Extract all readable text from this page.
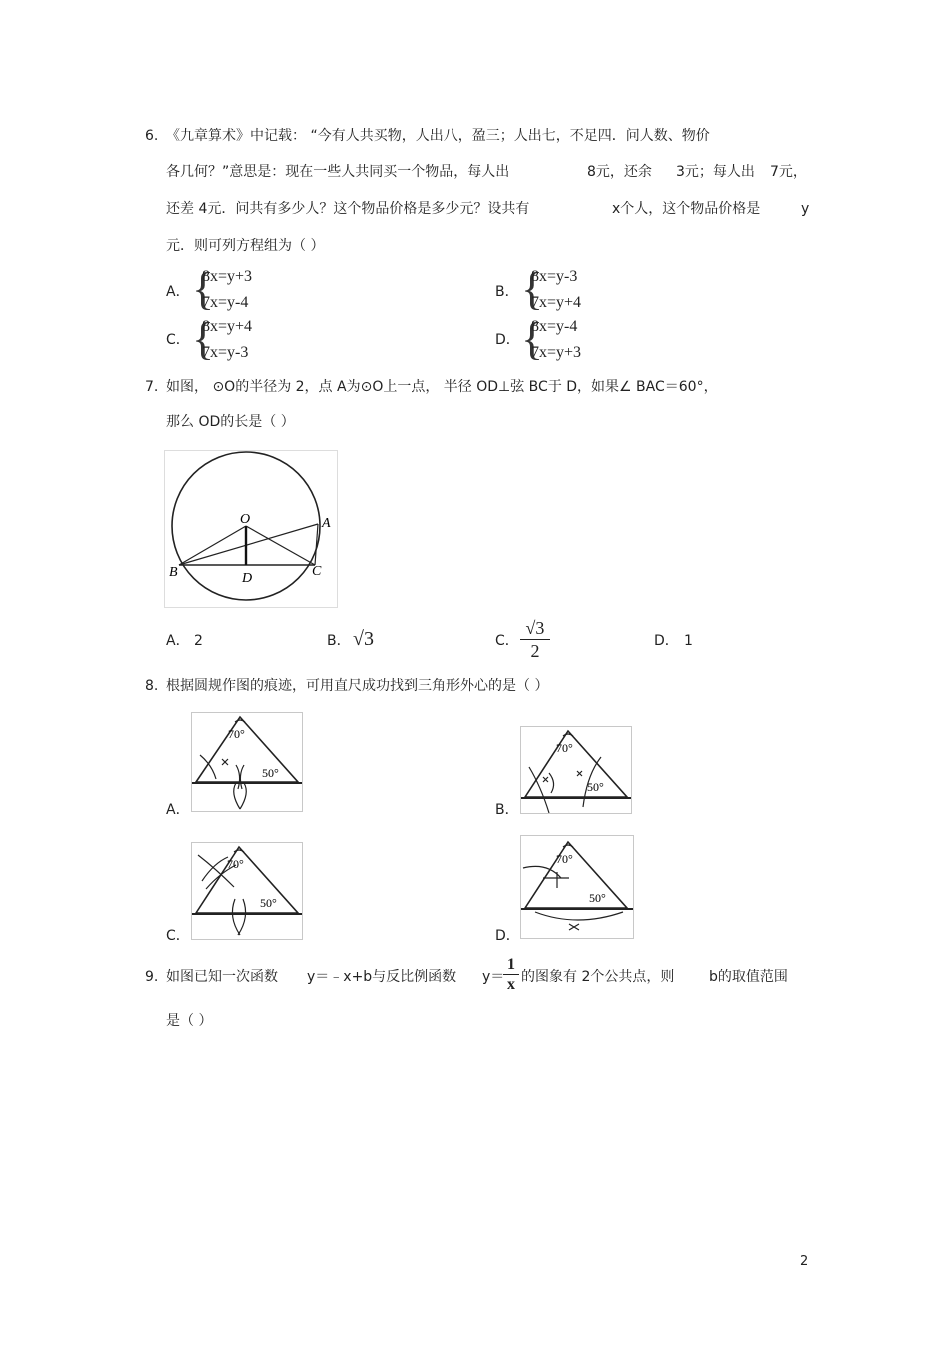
6. 《九章算术》中记载： “今有人共买物，人出八，盈三；人出七，不足四．问人数、物价
各几何？”意思是：现在一些人共同买一个物品，每人出	8元，还余 3元；每人出 7元，
还差 4元．问共有多少人？这个物品价格是多少元？设共有	x个人，这个物品价格是	y
元．则可列方程组为（ ）
A． {
8x=y+3
7x=y-4
B． {
8x=y-3
7x=y+4
C． {
8x=y+4
7x=y-3
D． {
8x=y-4
7x=y+3
7. 如图， ⊙O的半径为 2，点 A为⊙O上一点， 半径 OD⊥弦 BC于 D，如果∠ BAC＝60°，
那么 OD的长是（ ）
O	A
B	C
D
A． 2	B． √3	C．
√3
2	D． 1
8. 根据圆规作图的痕迹，可用直尺成功找到三角形外心的是（ ）
A．
70°
50°
B．
70°
50°
C．
70°
50°
D．
70°
50°
9. 如图已知一次函数 y＝﹣x+b与反比例函数 y＝
1
x 的图象有 2个公共点，则 b的取值范围
是（ ）
2
